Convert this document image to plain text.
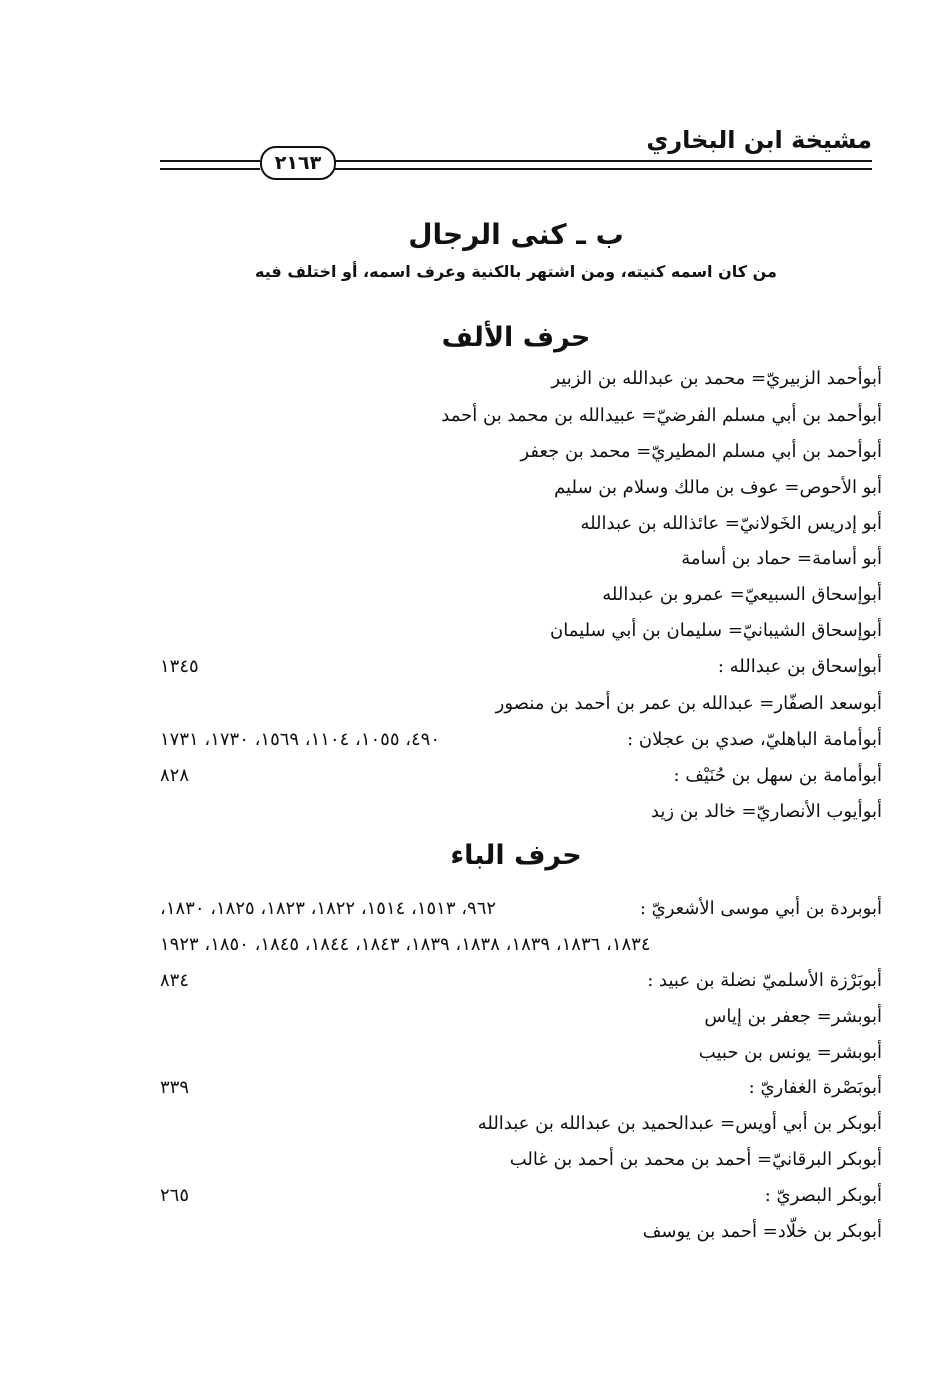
مشيخة ابن البخاري
٢١٦٣
ب ـ كنى الرجال
من كان اسمه كنيته، ومن اشتهر بالكنية وعرف اسمه، أو اختلف فيه
حرف الألف
أبوأحمد الزبيريّ= محمد بن عبدالله بن الزبير
أبوأحمد بن أبي مسلم الفرضيّ= عبيدالله بن محمد بن أحمد
أبوأحمد بن أبي مسلم المطيريّ= محمد بن جعفر
أبو الأحوص= عوف بن مالك وسلام بن سليم
أبو إدريس الخَولانيّ= عائذالله بن عبدالله
أبو أسامة= حماد بن أسامة
أبوإسحاق السبيعيّ= عمرو بن عبدالله
أبوإسحاق الشيبانيّ= سليمان بن أبي سليمان
أبوإسحاق بن عبدالله :
١٣٤٥
أبوسعد الصفّار= عبدالله بن عمر بن أحمد بن منصور
أبوأمامة الباهليّ، صدي بن عجلان :
٤٩٠، ١٠٥٥، ١١٠٤، ١٥٦٩، ١٧٣٠، ١٧٣١
أبوأمامة بن سهل بن حُنَيْف :
٨٢٨
أبوأيوب الأنصاريّ= خالد بن زيد
حرف الباء
أبوبردة بن أبي موسى الأشعريّ :
٩٦٢، ١٥١٣، ١٥١٤، ١٨٢٢، ١٨٢٣، ١٨٢٥، ١٨٣٠،
١٨٣٤، ١٨٣٦، ١٨٣٩، ١٨٣٨، ١٨٣٩، ١٨٤٣، ١٨٤٤، ١٨٤٥، ١٨٥٠، ١٩٢٣
أبوبَرْزة الأسلميّ نضلة بن عبيد :
٨٣٤
أبوبشر= جعفر بن إياس
أبوبشر= يونس بن حبيب
أبوبَصْرة الغفاريّ :
٣٣٩
أبوبكر بن أبي أويس= عبدالحميد بن عبدالله بن عبدالله
أبوبكر البرقانيّ= أحمد بن محمد بن أحمد بن غالب
أبوبكر البصريّ :
٢٦٥
أبوبكر بن خلّاد= أحمد بن يوسف
